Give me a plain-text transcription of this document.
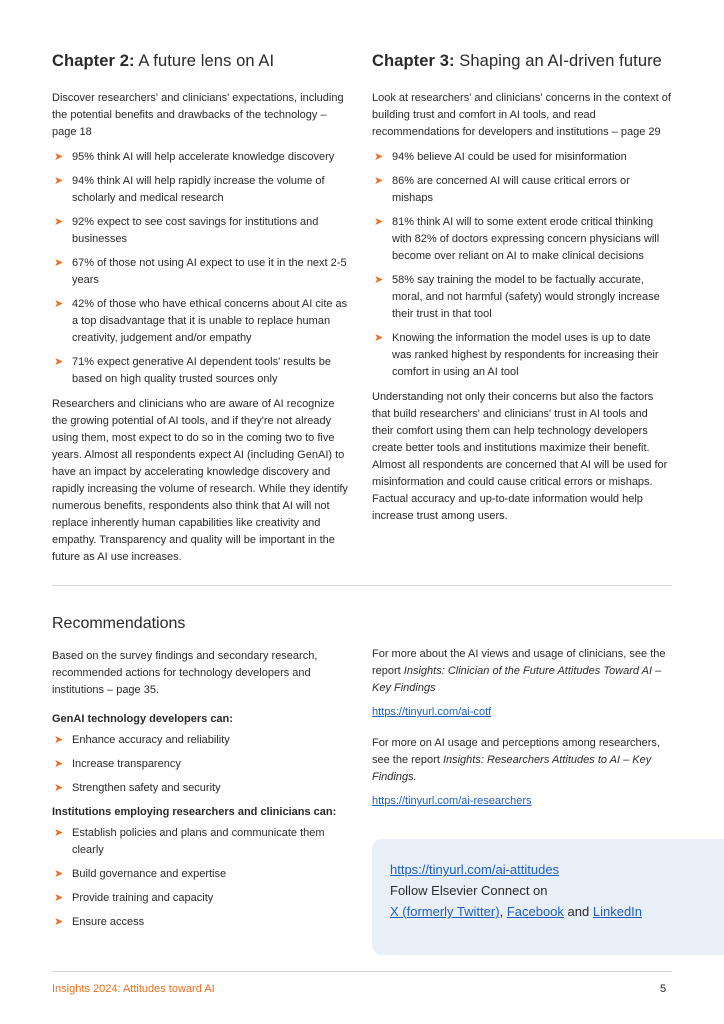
Chapter 2: A future lens on AI

Discover researchers' and clinicians' expectations, including the potential benefits and drawbacks of the technology – page 18

➤ 95% think AI will help accelerate knowledge discovery
➤ 94% think AI will help rapidly increase the volume of scholarly and medical research
➤ 92% expect to see cost savings for institutions and businesses
➤ 67% of those not using AI expect to use it in the next 2-5 years
➤ 42% of those who have ethical concerns about AI cite as a top disadvantage that it is unable to replace human creativity, judgement and/or empathy
➤ 71% expect generative AI dependent tools' results be based on high quality trusted sources only

Researchers and clinicians who are aware of AI recognize the growing potential of AI tools, and if they're not already using them, most expect to do so in the coming two to five years. Almost all respondents expect AI (including GenAI) to have an impact by accelerating knowledge discovery and rapidly increasing the volume of research. While they identify numerous benefits, respondents also think that AI will not replace inherently human capabilities like creativity and empathy. Transparency and quality will be important in the future as AI use increases.

Chapter 3: Shaping an AI-driven future

Look at researchers' and clinicians' concerns in the context of building trust and comfort in AI tools, and read recommendations for developers and institutions – page 29

➤ 94% believe AI could be used for misinformation
➤ 86% are concerned AI will cause critical errors or mishaps
➤ 81% think AI will to some extent erode critical thinking with 82% of doctors expressing concern physicians will become over reliant on AI to make clinical decisions
➤ 58% say training the model to be factually accurate, moral, and not harmful (safety) would strongly increase their trust in that tool
➤ Knowing the information the model uses is up to date was ranked highest by respondents for increasing their comfort in using an AI tool

Understanding not only their concerns but also the factors that build researchers' and clinicians' trust in AI tools and their comfort using them can help technology developers create better tools and institutions maximize their benefit. Almost all respondents are concerned that AI will be used for misinformation and could cause critical errors or mishaps. Factual accuracy and up-to-date information would help increase trust among users.

Recommendations

Based on the survey findings and secondary research, recommended actions for technology developers and institutions – page 35.

GenAI technology developers can:

➤ Enhance accuracy and reliability
➤ Increase transparency
➤ Strengthen safety and security

Institutions employing researchers and clinicians can:

➤ Establish policies and plans and communicate them clearly
➤ Build governance and expertise
➤ Provide training and capacity
➤ Ensure access

For more about the AI views and usage of clinicians, see the report Insights: Clinician of the Future Attitudes Toward AI – Key Findings

https://tinyurl.com/ai-cotf

For more on AI usage and perceptions among researchers, see the report Insights: Researchers Attitudes to AI – Key Findings.

https://tinyurl.com/ai-researchers

https://tinyurl.com/ai-attitudes
Follow Elsevier Connect on
X (formerly Twitter), Facebook and LinkedIn
Insights 2024: Attitudes toward AI	5
